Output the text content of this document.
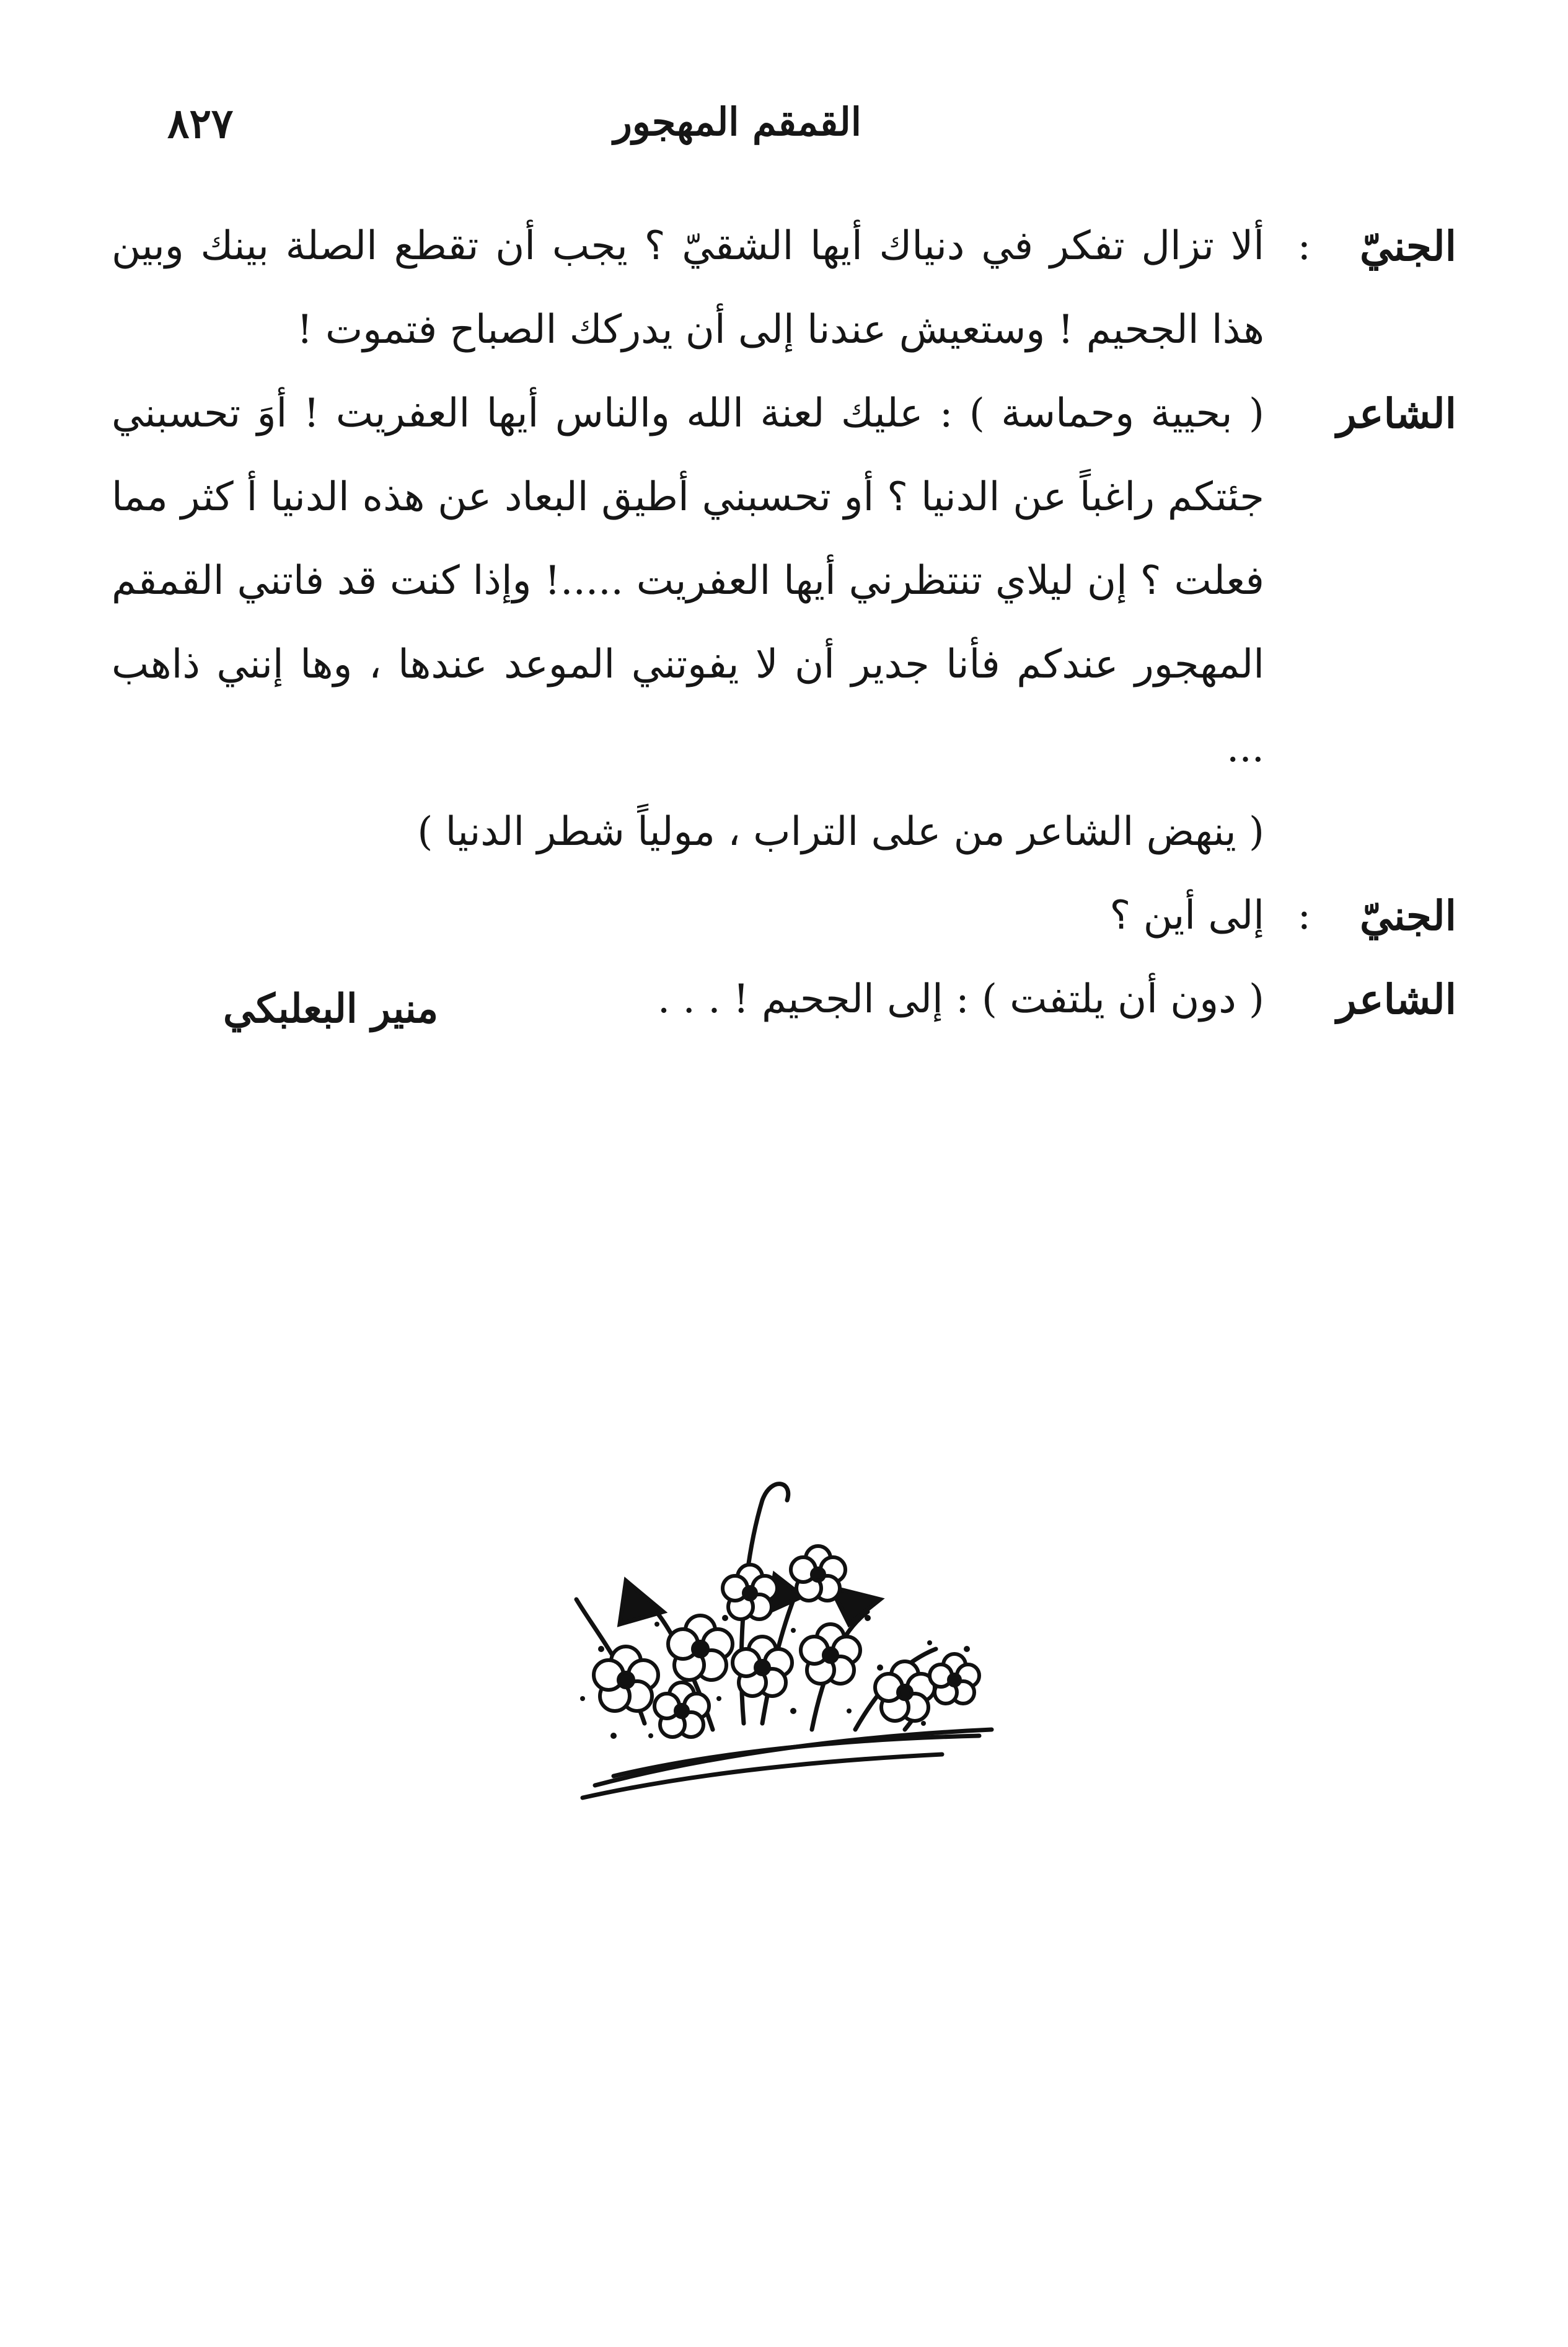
القمقم المهجور
٨٢٧
الجنيّ
:
ألا تزال تفكر في دنياك أيها الشقيّ ؟ يجب أن تقطع الصلة بينك وبين هذا الجحيم ! وستعيش عندنا إلى أن يدركك الصباح فتموت !
الشاعر
( بحيية وحماسة ) : عليك لعنة الله والناس أيها العفريت ! أوَ تحسبني جئتكم راغباً عن الدنيا ؟ أو تحسبني أطيق البعاد عن هذه الدنيا أ كثر مما فعلت ؟ إن ليلاي تنتظرني أيها العفريت .....! وإذا كنت قد فاتني القمقم المهجور عندكم فأنا جدير أن لا يفوتني الموعد عندها ، وها إنني ذاهب ...
( ينهض الشاعر من على التراب ، مولياً شطر الدنيا )
الجنيّ
:
إلى أين ؟
الشاعر
( دون أن يلتفت ) : إلى الجحيم ! . . .
منير البعلبكي
